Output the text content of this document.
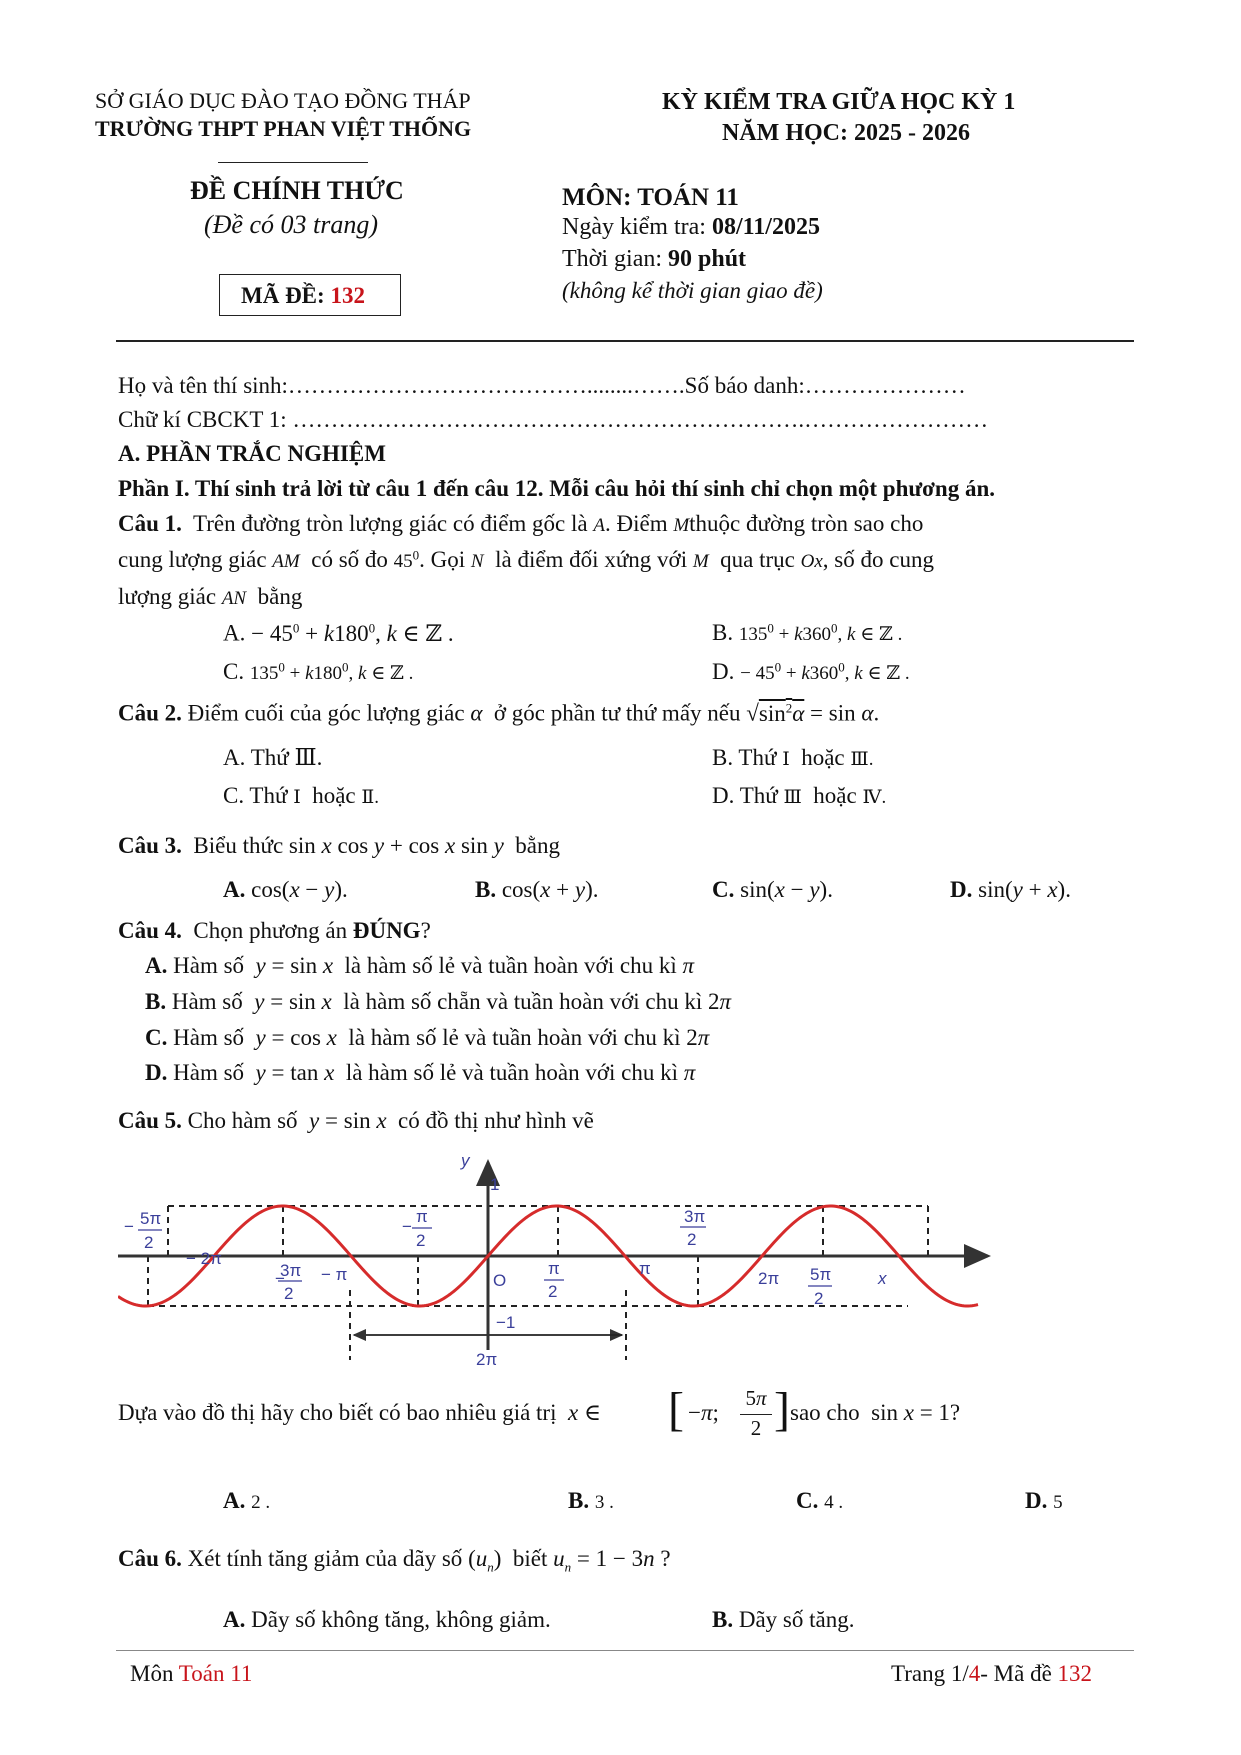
SỞ GIÁO DỤC ĐÀO TẠO ĐỒNG THÁP
TRƯỜNG THPT PHAN VIỆT THỐNG
KỲ KIỂM TRA GIỮA HỌC KỲ 1
NĂM HỌC: 2025 - 2026
ĐỀ CHÍNH THỨC
(Đề có 03 trang)
MÃ ĐỀ: 132
MÔN: TOÁN 11
Ngày kiểm tra: 08/11/2025
Thời gian: 90 phút
(không kể thời gian giao đề)
Họ và tên thí sinh:…………………………………........…….Số báo danh:…………………
Chữ kí CBCKT 1: ………………………………………………………….……………………
A. PHẦN TRẮC NGHIỆM
Phần I. Thí sinh trả lời từ câu 1 đến câu 12. Mỗi câu hỏi thí sinh chỉ chọn một phương án.
Câu 1. Trên đường tròn lượng giác có điểm gốc là A. Điểm Mthuộc đường tròn sao cho
cung lượng giác AM có số đo $45^0$. Gọi N là điểm đối xứng với M qua trục Ox, số đo cung
lượng giác AN bằng
A. − $45^0 + k180^0$, k ∈ ℤ .	B. $135^0 + k360^0$, k ∈ ℤ .
C. $135^0 + k180^0$, k ∈ ℤ .	D. − $45^0 + k360^0$, k ∈ ℤ .
Câu 2. Điểm cuối của góc lượng giác α ở góc phần tư thứ mấy nếu $√\sin^2\alpha = \sin \alpha$.
A. Thứ Ⅲ.	B. Thứ Ⅰ hoặc Ⅲ.
C. Thứ Ⅰ hoặc Ⅱ.	D. Thứ Ⅲ hoặc Ⅳ.
Câu 3. Biểu thức sin x cos y + cos x sin y bằng
A. cos(x − y).	B. cos(x + y).	C. sin(x − y).	D. sin(y + x).
Câu 4. Chọn phương án ĐÚNG?
A. Hàm số y = sin x là hàm số lẻ và tuần hoàn với chu kì π
B. Hàm số y = sin x là hàm số chẵn và tuần hoàn với chu kì 2π
C. Hàm số y = cos x là hàm số lẻ và tuần hoàn với chu kì 2π
D. Hàm số y = tan x là hàm số lẻ và tuần hoàn với chu kì π
Câu 5. Cho hàm số y = sin x có đồ thị như hình vẽ
y
1
O
−1
2π
− 2π
− π	π
2π	x
− 5π
2
−
π
2
3π
2
−
3π
2
π
2
5π
2
Dựa vào đồ thị hãy cho biết có bao nhiêu giá trị x ∈ [ −π;
5π
2 ] sao cho sin x = 1?
A. 2 .	B. 3 .	C. 4 .	D. 5
Câu 6. Xét tính tăng giảm của dãy số $(u_n)$ biết $u_n = 1 - 3n$ ?
A. Dãy số không tăng, không giảm.	B. Dãy số tăng.
Môn Toán 11	Trang 1/4- Mã đề 132
